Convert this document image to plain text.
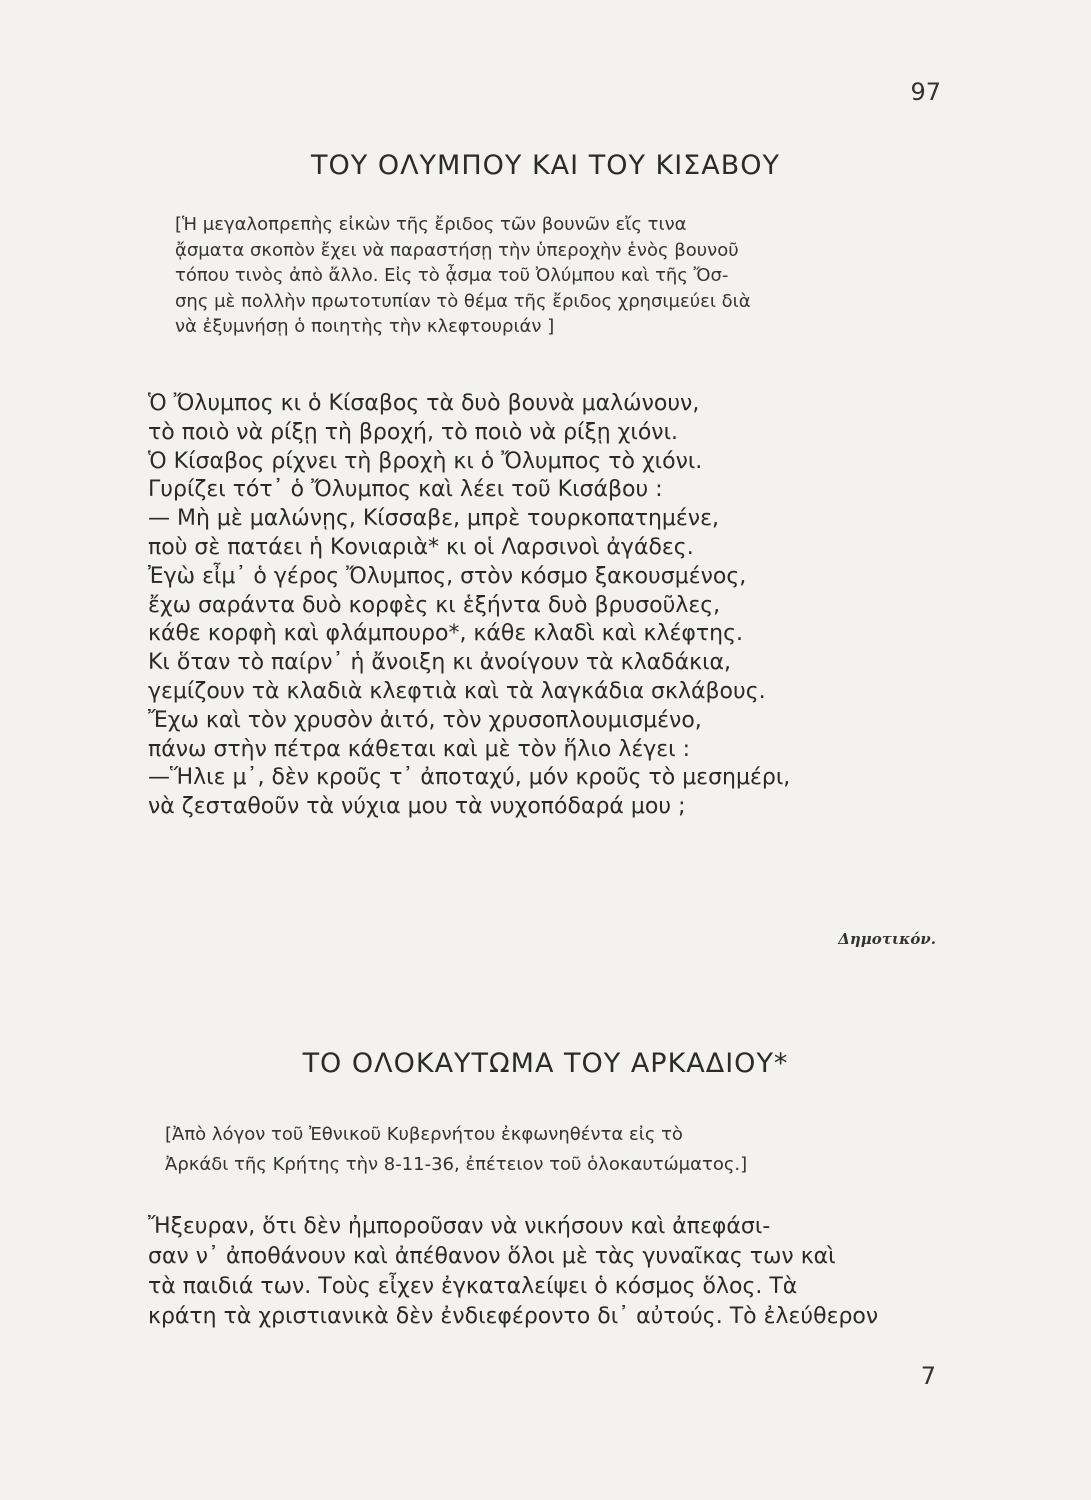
97
ΤΟΥ ΟΛΥΜΠΟΥ ΚΑΙ ΤΟΥ ΚΙΣΑΒΟΥ

[Ἡ μεγαλοπρεπὴς εἰκὼν τῆς ἔριδος τῶν βουνῶν εἴς τινα

ᾄσματα σκοπὸν ἔχει νὰ παραστήσῃ τὴν ὑπεροχὴν ἑνὸς βουνοῦ

τόπου τινὸς ἀπὸ ἄλλο. Εἰς τὸ ᾆσμα τοῦ Ὀλύμπου καὶ τῆς Ὄσ-

σης μὲ πολλὴν πρωτοτυπίαν τὸ θέμα τῆς ἔριδος χρησιμεύει διὰ

νὰ ἐξυμνήσῃ ὁ ποιητὴς τὴν κλεφτουριάν ]

Ὁ Ὄλυμπος κι ὁ Κίσαβος τὰ δυὸ βουνὰ μαλώνουν,
τὸ ποιὸ νὰ ρίξῃ τὴ βροχή, τὸ ποιὸ νὰ ρίξῃ χιόνι.
Ὁ Κίσαβος ρίχνει τὴ βροχὴ κι ὁ Ὄλυμπος τὸ χιόνι.
Γυρίζει τότ᾽ ὁ Ὄλυμπος καὶ λέει τοῦ Κισάβου :
— Μὴ μὲ μαλώνῃς, Κίσσαβε, μπρὲ τουρκοπατημένε,
ποὺ σὲ πατάει ἡ Κονιαριὰ* κι οἱ Λαρσινοὶ ἀγάδες.
Ἐγὼ εἶμ᾽ ὁ γέρος Ὄλυμπος, στὸν κόσμο ξακουσμένος,
ἔχω σαράντα δυὸ κορφὲς κι ἑξήντα δυὸ βρυσοῦλες,
κάθε κορφὴ καὶ φλάμπουρο*, κάθε κλαδὶ καὶ κλέφτης.
Κι ὅταν τὸ παίρν᾽ ἡ ἄνοιξη κι ἀνοίγουν τὰ κλαδάκια,
γεμίζουν τὰ κλαδιὰ κλεφτιὰ καὶ τὰ λαγκάδια σκλάβους.
Ἔχω καὶ τὸν χρυσὸν ἀιτό, τὸν χρυσοπλουμισμένο,
πάνω στὴν πέτρα κάθεται καὶ μὲ τὸν ἥλιο λέγει :
—Ἥλιε μ᾽, δὲν κροῦς τ᾽ ἀποταχύ, μόν κροῦς τὸ μεσημέρι,
νὰ ζεσταθοῦν τὰ νύχια μου τὰ νυχοπόδαρά μου ;
Δημοτικόν.
ΤΟ ΟΛΟΚΑΥΤΩΜΑ ΤΟΥ ΑΡΚΑΔΙΟΥ*

[Ἀπὸ λόγον τοῦ Ἐθνικοῦ Κυβερνήτου ἐκφωνηθέντα εἰς τὸ

Ἀρκάδι τῆς Κρήτης τὴν 8-11-36, ἐπέτειον τοῦ ὁλοκαυτώματος.]

Ἤξευραν, ὅτι δὲν ἠμποροῦσαν νὰ νικήσουν καὶ ἀπεφάσι-
σαν ν᾽ ἀποθάνουν καὶ ἀπέθανον ὅλοι μὲ τὰς γυναῖκας των καὶ
τὰ παιδιά των. Τοὺς εἶχεν ἐγκαταλείψει ὁ κόσμος ὅλος. Τὰ
κράτη τὰ χριστιανικὰ δὲν ἐνδιεφέροντο δι᾽ αὐτούς. Τὸ ἐλεύθερον
7
